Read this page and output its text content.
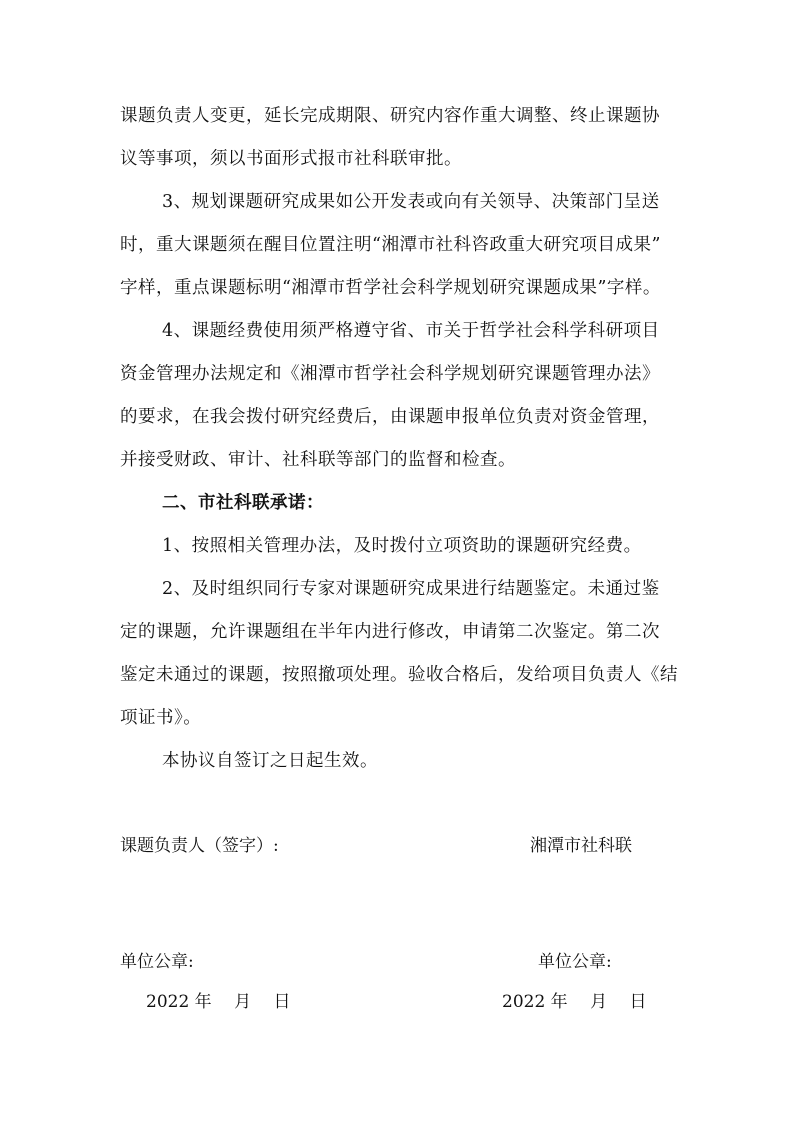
课题负责人变更，延长完成期限、研究内容作重大调整、终止课题协
议等事项，须以书面形式报市社科联审批。
3、规划课题研究成果如公开发表或向有关领导、决策部门呈送
时，重大课题须在醒目位置注明“湘潭市社科咨政重大研究项目成果”
字样，重点课题标明“湘潭市哲学社会科学规划研究课题成果”字样。
4、课题经费使用须严格遵守省、市关于哲学社会科学科研项目
资金管理办法规定和《湘潭市哲学社会科学规划研究课题管理办法》
的要求，在我会拨付研究经费后，由课题申报单位负责对资金管理，
并接受财政、审计、社科联等部门的监督和检查。
二、市社科联承诺：
1、按照相关管理办法，及时拨付立项资助的课题研究经费。
2、及时组织同行专家对课题研究成果进行结题鉴定。未通过鉴
定的课题，允许课题组在半年内进行修改，申请第二次鉴定。第二次
鉴定未通过的课题，按照撤项处理。验收合格后，发给项目负责人《结
项证书》。
本协议自签订之日起生效。
课题负责人（签字）:	湘潭市社科联
单位公章:	单位公章:
2022 年　 月　 日	2022 年　 月　 日
